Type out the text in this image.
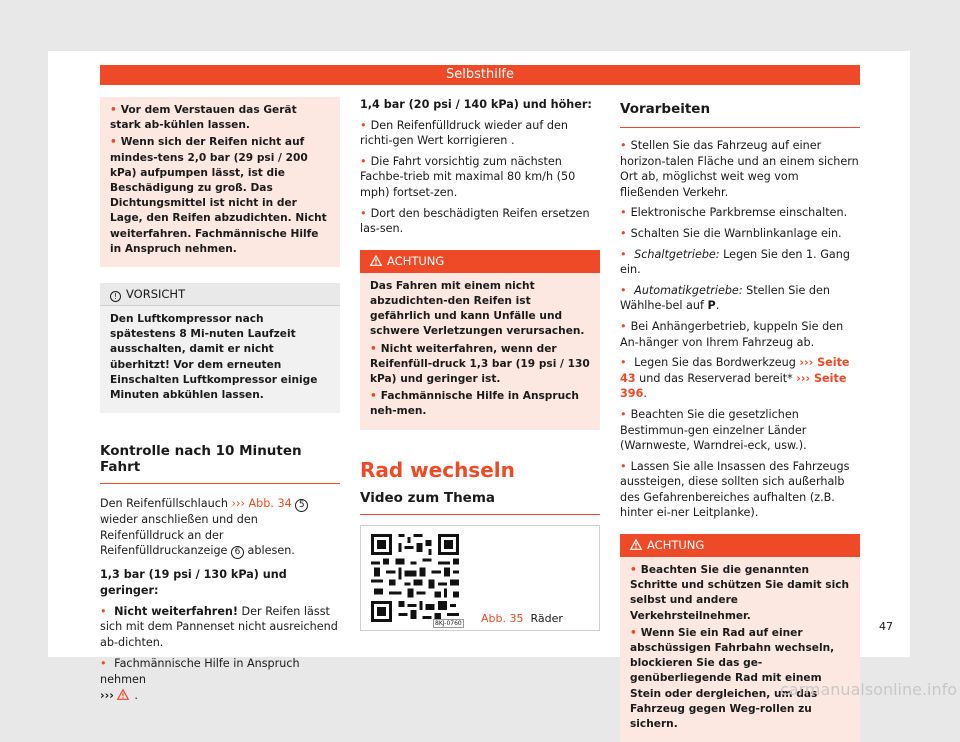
Selbsthilfe
• Vor dem Verstauen das Gerät stark ab-kühlen lassen.
• Wenn sich der Reifen nicht auf mindes-tens 2,0 bar (29 psi / 200 kPa) aufpumpen lässt, ist die Beschädigung zu groß. Das Dichtungsmittel ist nicht in der Lage, den Reifen abzudichten. Nicht weiterfahren. Fachmännische Hilfe in Anspruch nehmen.
! VORSICHT
Den Luftkompressor nach spätestens 8 Mi-nuten Laufzeit ausschalten, damit er nicht überhitzt! Vor dem erneuten Einschalten Luftkompressor einige Minuten abkühlen lassen.
Kontrolle nach 10 Minuten Fahrt
Den Reifenfüllschlauch ››› Abb. 34 5 wieder anschließen und den Reifenfülldruck an der Reifenfülldruckanzeige 6 ablesen.
1,3 bar (19 psi / 130 kPa) und geringer:
• Nicht weiterfahren! Der Reifen lässt sich mit dem Pannenset nicht ausreichend ab-dichten.
• Fachmännische Hilfe in Anspruch nehmen
››› .
1,4 bar (20 psi / 140 kPa) und höher:
• Den Reifenfülldruck wieder auf den richti-gen Wert korrigieren .
• Die Fahrt vorsichtig zum nächsten Fachbe-trieb mit maximal 80 km/h (50 mph) fortset-zen.
• Dort den beschädigten Reifen ersetzen las-sen.
ACHTUNG
Das Fahren mit einem nicht abzudichten-den Reifen ist gefährlich und kann Unfälle und schwere Verletzungen verursachen.
• Nicht weiterfahren, wenn der Reifenfüll-druck 1,3 bar (19 psi / 130 kPa) und geringer ist.
• Fachmännische Hilfe in Anspruch neh-men.
Rad wechseln
Video zum Thema
8KJ-0760 Abb. 35 Räder
Vorarbeiten
• Stellen Sie das Fahrzeug auf einer horizon-talen Fläche und an einem sichern Ort ab, möglichst weit weg vom fließenden Verkehr.
• Elektronische Parkbremse einschalten.
• Schalten Sie die Warnblinkanlage ein.
• Schaltgetriebe: Legen Sie den 1. Gang ein.
• Automatikgetriebe: Stellen Sie den Wählhe-bel auf P.
• Bei Anhängerbetrieb, kuppeln Sie den An-hänger von Ihrem Fahrzeug ab.
• Legen Sie das Bordwerkzeug ››› Seite 43 und das Reserverad bereit* ››› Seite 396.
• Beachten Sie die gesetzlichen Bestimmun-gen einzelner Länder (Warnweste, Warndrei-eck, usw.).
• Lassen Sie alle Insassen des Fahrzeugs aussteigen, diese sollten sich außerhalb des Gefahrenbereiches aufhalten (z.B. hinter ei-ner Leitplanke).
ACHTUNG
• Beachten Sie die genannten Schritte und schützen Sie damit sich selbst und andere Verkehrsteilnehmer.
• Wenn Sie ein Rad auf einer abschüssigen Fahrbahn wechseln, blockieren Sie das ge-genüberliegende Rad mit einem Stein oder dergleichen, um das Fahrzeug gegen Weg-rollen zu sichern.
47
carmanualsonline.info
